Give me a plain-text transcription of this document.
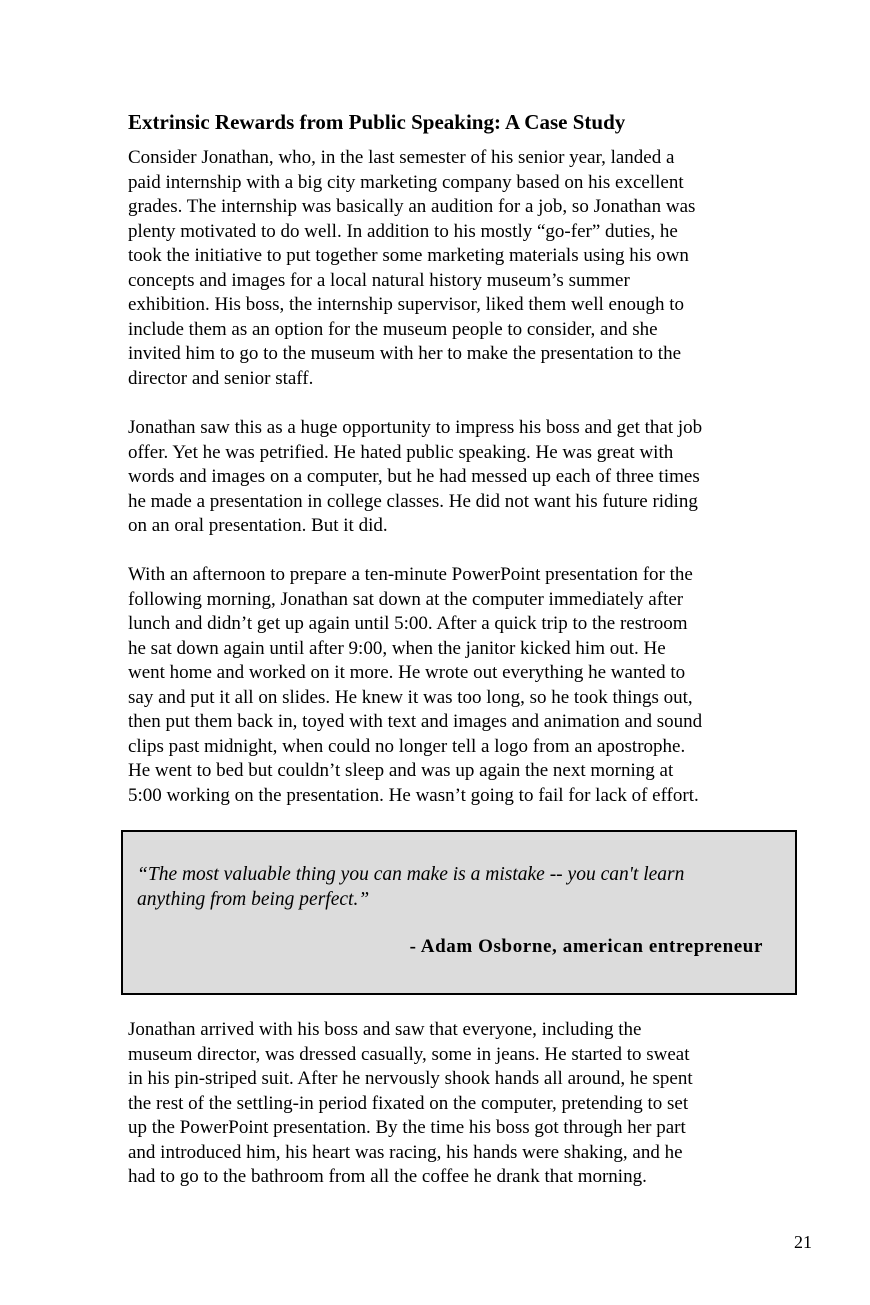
Extrinsic Rewards from Public Speaking: A Case Study

Consider Jonathan, who, in the last semester of his senior year, landed a
paid internship with a big city marketing company based on his excellent
grades. The internship was basically an audition for a job, so Jonathan was
plenty motivated to do well. In addition to his mostly “go-fer” duties, he
took the initiative to put together some marketing materials using his own
concepts and images for a local natural history museum’s summer
exhibition. His boss, the internship supervisor, liked them well enough to
include them as an option for the museum people to consider, and she
invited him to go to the museum with her to make the presentation to the
director and senior staff.

Jonathan saw this as a huge opportunity to impress his boss and get that job
offer. Yet he was petrified. He hated public speaking. He was great with
words and images on a computer, but he had messed up each of three times
he made a presentation in college classes. He did not want his future riding
on an oral presentation. But it did.

With an afternoon to prepare a ten-minute PowerPoint presentation for the
following morning, Jonathan sat down at the computer immediately after
lunch and didn’t get up again until 5:00. After a quick trip to the restroom
he sat down again until after 9:00, when the janitor kicked him out. He
went home and worked on it more. He wrote out everything he wanted to
say and put it all on slides. He knew it was too long, so he took things out,
then put them back in, toyed with text and images and animation and sound
clips past midnight, when could no longer tell a logo from an apostrophe.
He went to bed but couldn’t sleep and was up again the next morning at
5:00 working on the presentation. He wasn’t going to fail for lack of effort.

“The most valuable thing you can make is a mistake -- you can't learn
anything from being perfect.”
- Adam Osborne, american entrepreneur

Jonathan arrived with his boss and saw that everyone, including the
museum director, was dressed casually, some in jeans. He started to sweat
in his pin-striped suit. After he nervously shook hands all around, he spent
the rest of the settling-in period fixated on the computer, pretending to set
up the PowerPoint presentation. By the time his boss got through her part
and introduced him, his heart was racing, his hands were shaking, and he
had to go to the bathroom from all the coffee he drank that morning.

21
